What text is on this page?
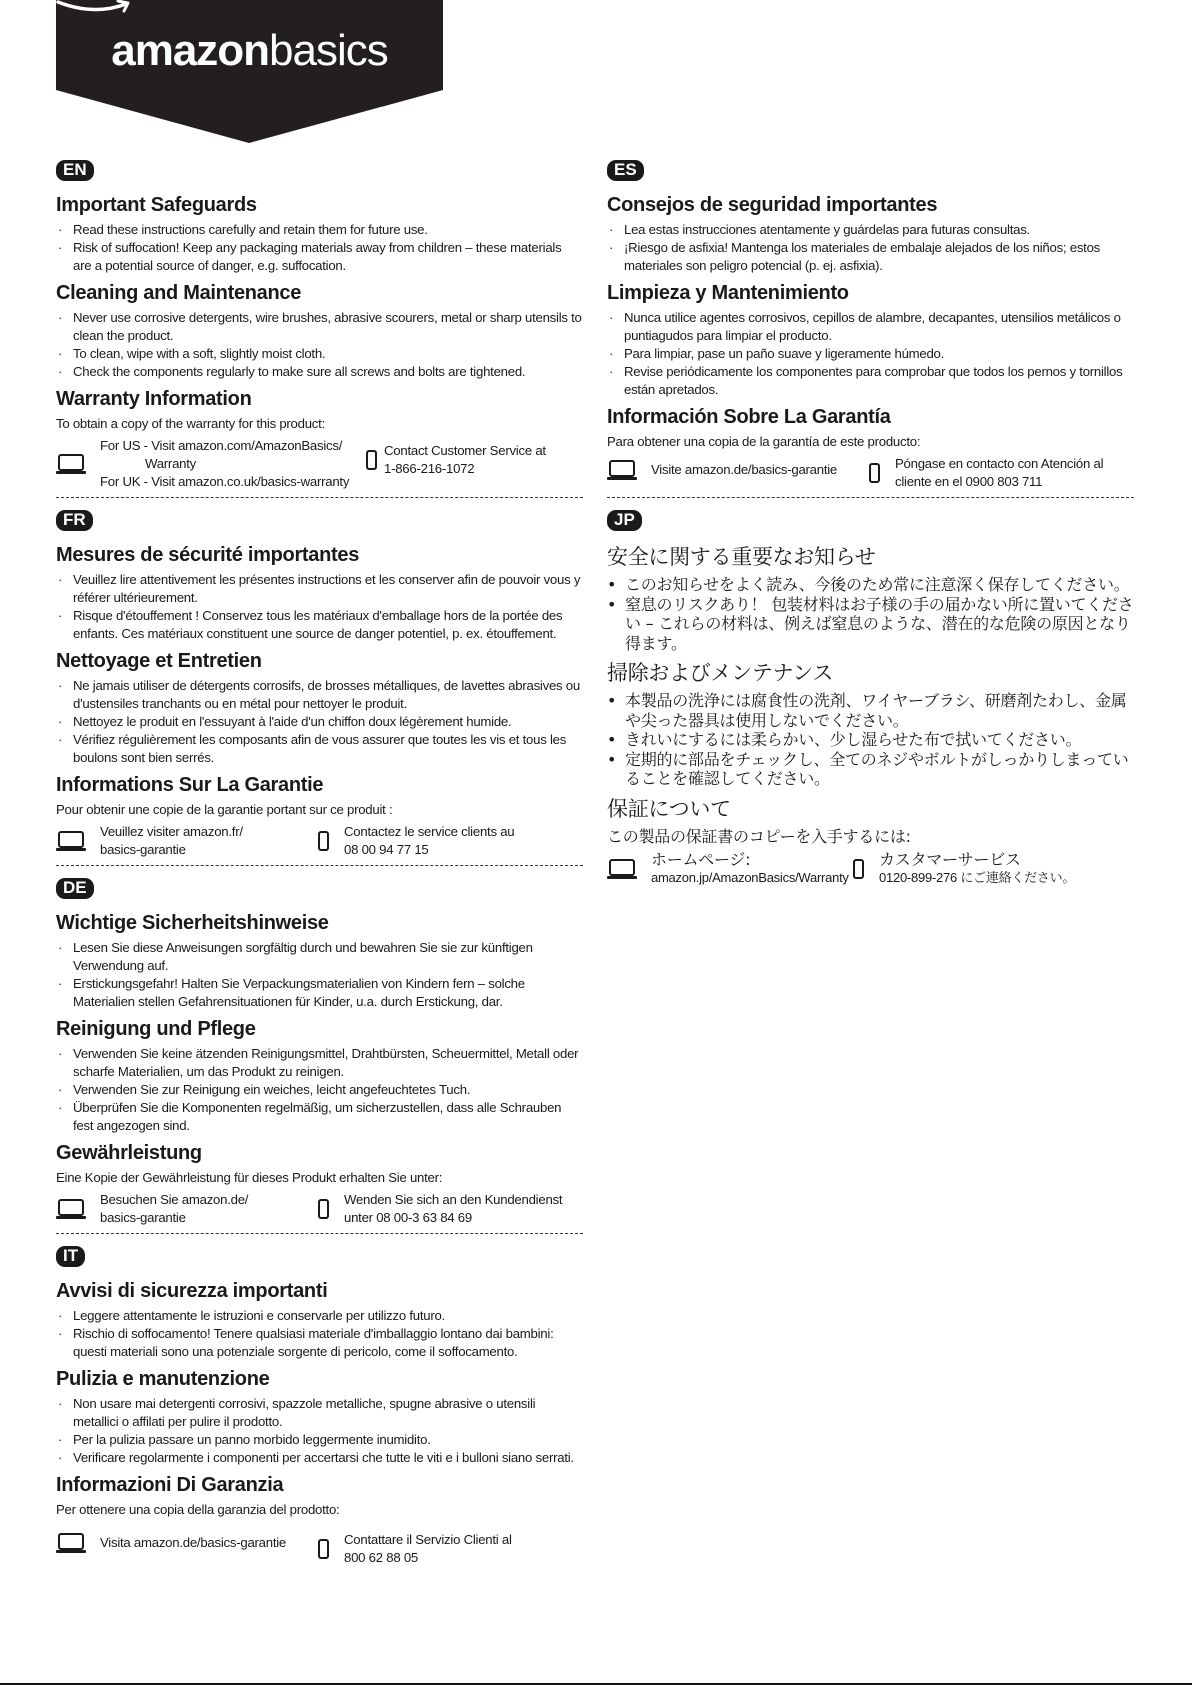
amazonbasics
EN
Important Safeguards
· Read these instructions carefully and retain them for future use.
· Risk of suffocation! Keep any packaging materials away from children – these materials are a potential source of danger, e.g. suffocation.
Cleaning and Maintenance
· Never use corrosive detergents, wire brushes, abrasive scourers, metal or sharp utensils to clean the product.
· To clean, wipe with a soft, slightly moist cloth.
· Check the components regularly to make sure all screws and bolts are tightened.
Warranty Information
To obtain a copy of the warranty for this product:
For US - Visit amazon.com/AmazonBasics/
Warranty
For UK - Visit amazon.co.uk/basics-warranty
Contact Customer Service at
1-866-216-1072
FR
Mesures de sécurité importantes
· Veuillez lire attentivement les présentes instructions et les conserver afin de pouvoir vous y référer ultérieurement.
· Risque d'étouffement ! Conservez tous les matériaux d'emballage hors de la portée des enfants. Ces matériaux constituent une source de danger potentiel, p. ex. étouffement.
Nettoyage et Entretien
· Ne jamais utiliser de détergents corrosifs, de brosses métalliques, de lavettes abrasives ou d'ustensiles tranchants ou en métal pour nettoyer le produit.
· Nettoyez le produit en l'essuyant à l'aide d'un chiffon doux légèrement humide.
· Vérifiez régulièrement les composants afin de vous assurer que toutes les vis et tous les boulons sont bien serrés.
Informations Sur La Garantie
Pour obtenir une copie de la garantie portant sur ce produit :
Veuillez visiter amazon.fr/
basics-garantie
Contactez le service clients au
08 00 94 77 15
DE
Wichtige Sicherheitshinweise
· Lesen Sie diese Anweisungen sorgfältig durch und bewahren Sie sie zur künftigen Verwendung auf.
· Erstickungsgefahr! Halten Sie Verpackungsmaterialien von Kindern fern – solche Materialien stellen Gefahrensituationen für Kinder, u.a. durch Erstickung, dar.
Reinigung und Pflege
· Verwenden Sie keine ätzenden Reinigungsmittel, Drahtbürsten, Scheuermittel, Metall oder scharfe Materialien, um das Produkt zu reinigen.
· Verwenden Sie zur Reinigung ein weiches, leicht angefeuchtetes Tuch.
· Überprüfen Sie die Komponenten regelmäßig, um sicherzustellen, dass alle Schrauben fest angezogen sind.
Gewährleistung
Eine Kopie der Gewährleistung für dieses Produkt erhalten Sie unter:
Besuchen Sie amazon.de/
basics-garantie
Wenden Sie sich an den Kundendienst
unter 08 00-3 63 84 69
IT
Avvisi di sicurezza importanti
· Leggere attentamente le istruzioni e conservarle per utilizzo futuro.
· Rischio di soffocamento! Tenere qualsiasi materiale d'imballaggio lontano dai bambini: questi materiali sono una potenziale sorgente di pericolo, come il soffocamento.
Pulizia e manutenzione
· Non usare mai detergenti corrosivi, spazzole metalliche, spugne abrasive o utensili metallici o affilati per pulire il prodotto.
· Per la pulizia passare un panno morbido leggermente inumidito.
· Verificare regolarmente i componenti per accertarsi che tutte le viti e i bulloni siano serrati.
Informazioni Di Garanzia
Per ottenere una copia della garanzia del prodotto:
Visita amazon.de/basics-garantie	Contattare il Servizio Clienti al
800 62 88 05
ES
Consejos de seguridad importantes
· Lea estas instrucciones atentamente y guárdelas para futuras consultas.
· ¡Riesgo de asfixia! Mantenga los materiales de embalaje alejados de los niños; estos materiales son peligro potencial (p. ej. asfixia).
Limpieza y Mantenimiento
· Nunca utilice agentes corrosivos, cepillos de alambre, decapantes, utensilios metálicos o puntiagudos para limpiar el producto.
· Para limpiar, pase un paño suave y ligeramente húmedo.
· Revise periódicamente los componentes para comprobar que todos los pernos y tornillos están apretados.
Información Sobre La Garantía
Para obtener una copia de la garantía de este producto:
Visite amazon.de/basics-garantie	Póngase en contacto con Atención al
cliente en el 0900 803 711
JP
安全に関する重要なお知らせ
• このお知らせをよく読み、今後のため常に注意深く保存してください。
• 窒息のリスクあり！ 包装材料はお子様の手の届かない所に置いてください – これらの材料は、例えば窒息のような、潜在的な危険の原因となり得ます。
掃除およびメンテナンス
• 本製品の洗浄には腐食性の洗剤、ワイヤーブラシ、研磨剤たわし、金属や尖った器具は使用しないでください。
• きれいにするには柔らかい、少し湿らせた布で拭いてください。
• 定期的に部品をチェックし、全てのネジやボルトがしっかりしまっていることを確認してください。
保証について
この製品の保証書のコピーを入手するには:
ホームページ:
amazon.jp/AmazonBasics/Warranty
カスタマーサービス
0120-899-276 にご連絡ください。
